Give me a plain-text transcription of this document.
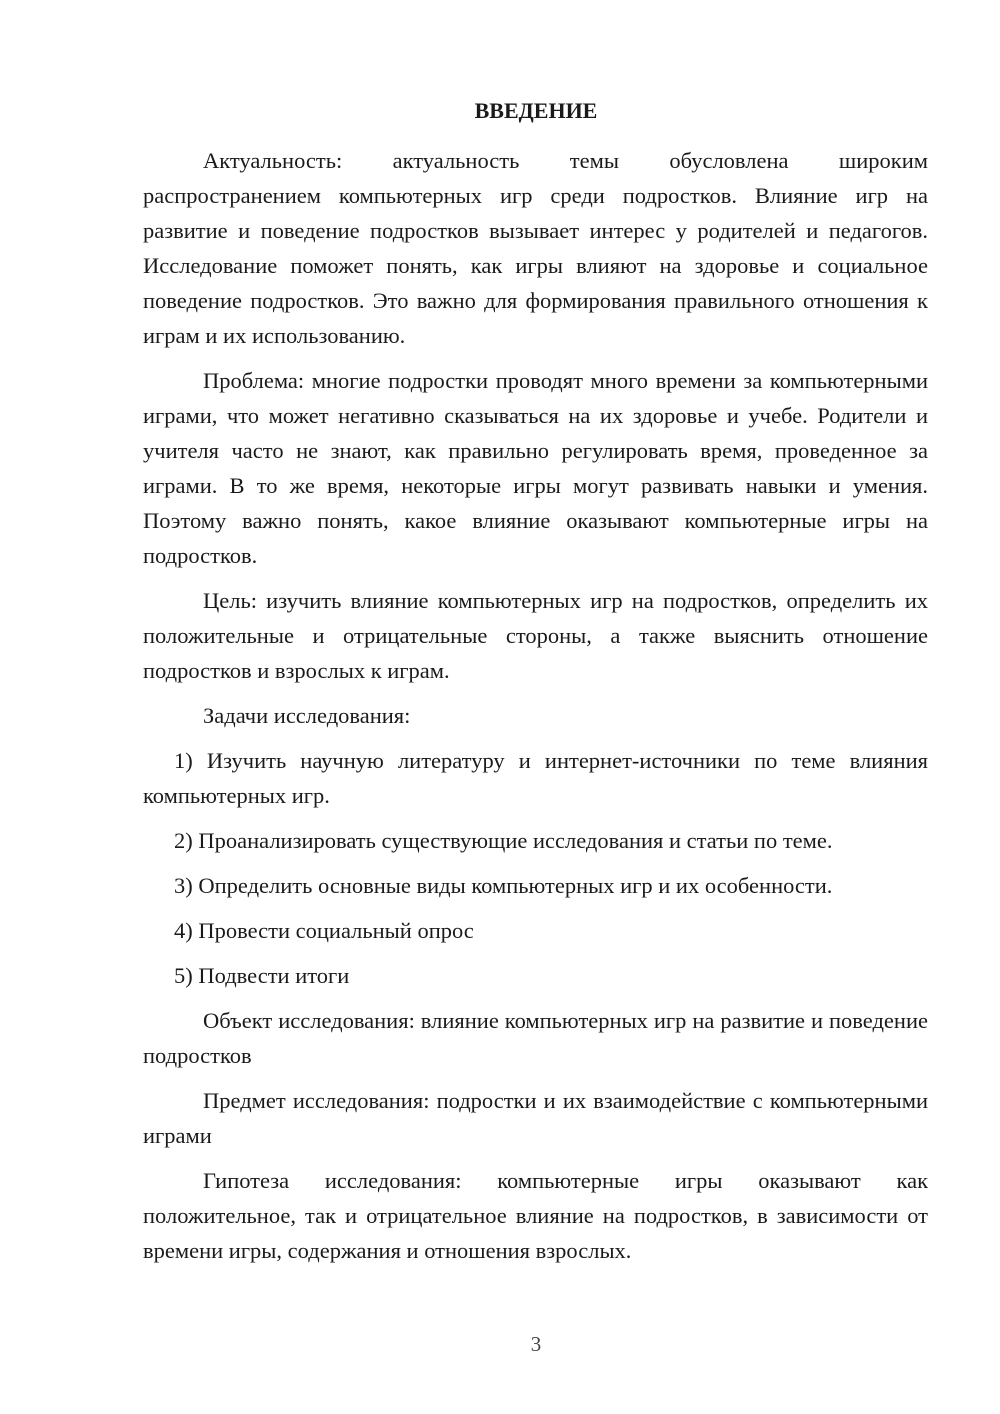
ВВЕДЕНИЕ

Актуальность: актуальность темы обусловлена широким распространением компьютерных игр среди подростков. Влияние игр на развитие и поведение подростков вызывает интерес у родителей и педагогов. Исследование поможет понять, как игры влияют на здоровье и социальное поведение подростков. Это важно для формирования правильного отношения к играм и их использованию.

Проблема: многие подростки проводят много времени за компьютерными играми, что может негативно сказываться на их здоровье и учебе. Родители и учителя часто не знают, как правильно регулировать время, проведенное за играми. В то же время, некоторые игры могут развивать навыки и умения. Поэтому важно понять, какое влияние оказывают компьютерные игры на подростков.

Цель: изучить влияние компьютерных игр на подростков, определить их положительные и отрицательные стороны, а также выяснить отношение подростков и взрослых к играм.

Задачи исследования:

1) Изучить научную литературу и интернет-источники по теме влияния компьютерных игр.

2) Проанализировать существующие исследования и статьи по теме.

3) Определить основные виды компьютерных игр и их особенности.

4) Провести социальный опрос

5) Подвести итоги

Объект исследования: влияние компьютерных игр на развитие и поведение подростков

Предмет исследования: подростки и их взаимодействие с компьютерными играми

Гипотеза исследования: компьютерные игры оказывают как положительное, так и отрицательное влияние на подростков, в зависимости от времени игры, содержания и отношения взрослых.

3
